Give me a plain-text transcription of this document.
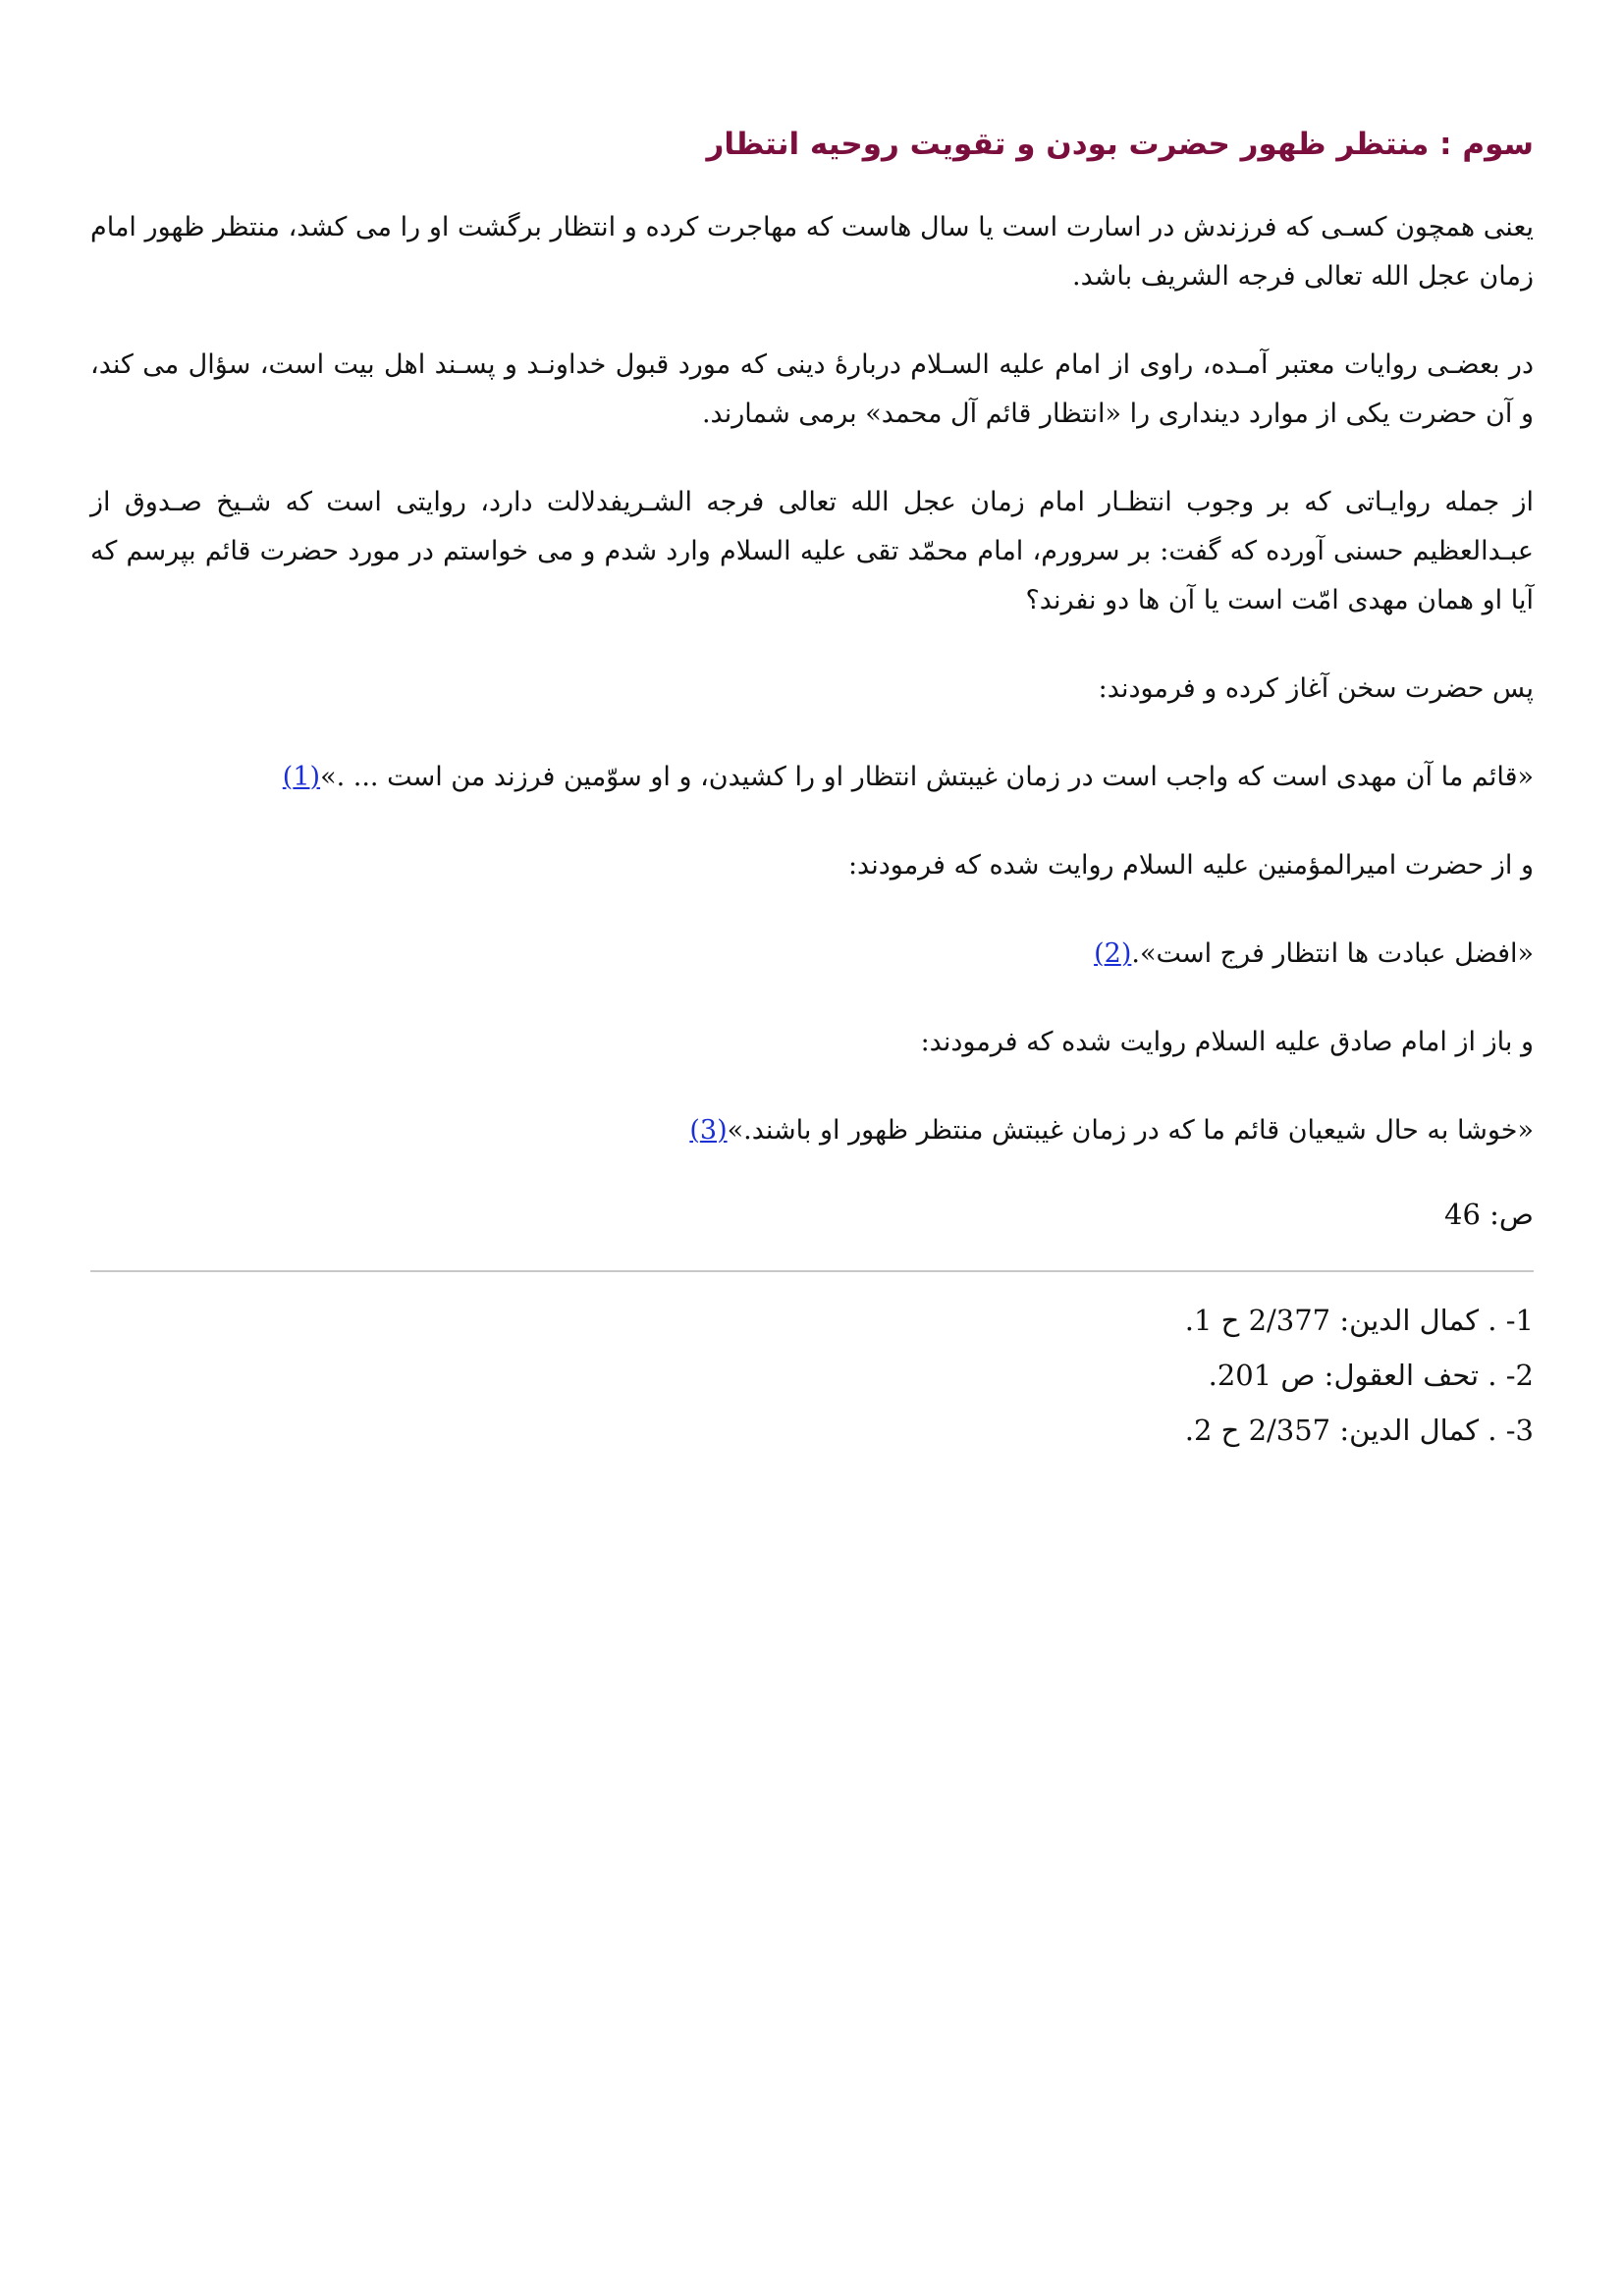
سوم : منتظر ظهور حضرت بودن و تقویت روحیه انتظار

یعنی همچون کسـی که فرزندش در اسارت است یا سال هاست که مهاجرت کرده و انتظار برگشت او را می کشد، منتظر ظهور امام زمان عجل الله تعالی فرجه الشریف باشد.

در بعضـی روایات معتبر آمـده، راوی از امام علیه السـلام دربارۀ دینی که مورد قبول خداونـد و پسـند اهل بیت است، سؤال می کند، و آن حضرت یکی از موارد دینداری را «انتظار قائم آل محمد» برمی شمارند.

از جمله روایـاتی که بر وجوب انتظـار امام زمان عجل الله تعالی فرجه الشـریفدلالت دارد، روایتی است که شـیخ صـدوق از عبـدالعظیم حسنی آورده که گفت: بر سرورم، امام محمّد تقی علیه السلام وارد شدم و می خواستم در مورد حضرت قائم بپرسم که آیا او همان مهدی امّت است یا آن ها دو نفرند؟

پس حضرت سخن آغاز کرده و فرمودند:

«قائم ما آن مهدی است که واجب است در زمان غیبتش انتظار او را کشیدن، و او سوّمین فرزند من است ... .»(1)

و از حضرت امیرالمؤمنین علیه السلام روایت شده که فرمودند:

«افضل عبادت ها انتظار فرج است».(2)

و باز از امام صادق علیه السلام روایت شده که فرمودند:

«خوشا به حال شیعیان قائم ما که در زمان غیبتش منتظر ظهور او باشند.»(3)

ص: 46
1- . کمال الدین: 2/377 ح 1.
2- . تحف العقول: ص 201.
3- . کمال الدین: 2/357 ح 2.
